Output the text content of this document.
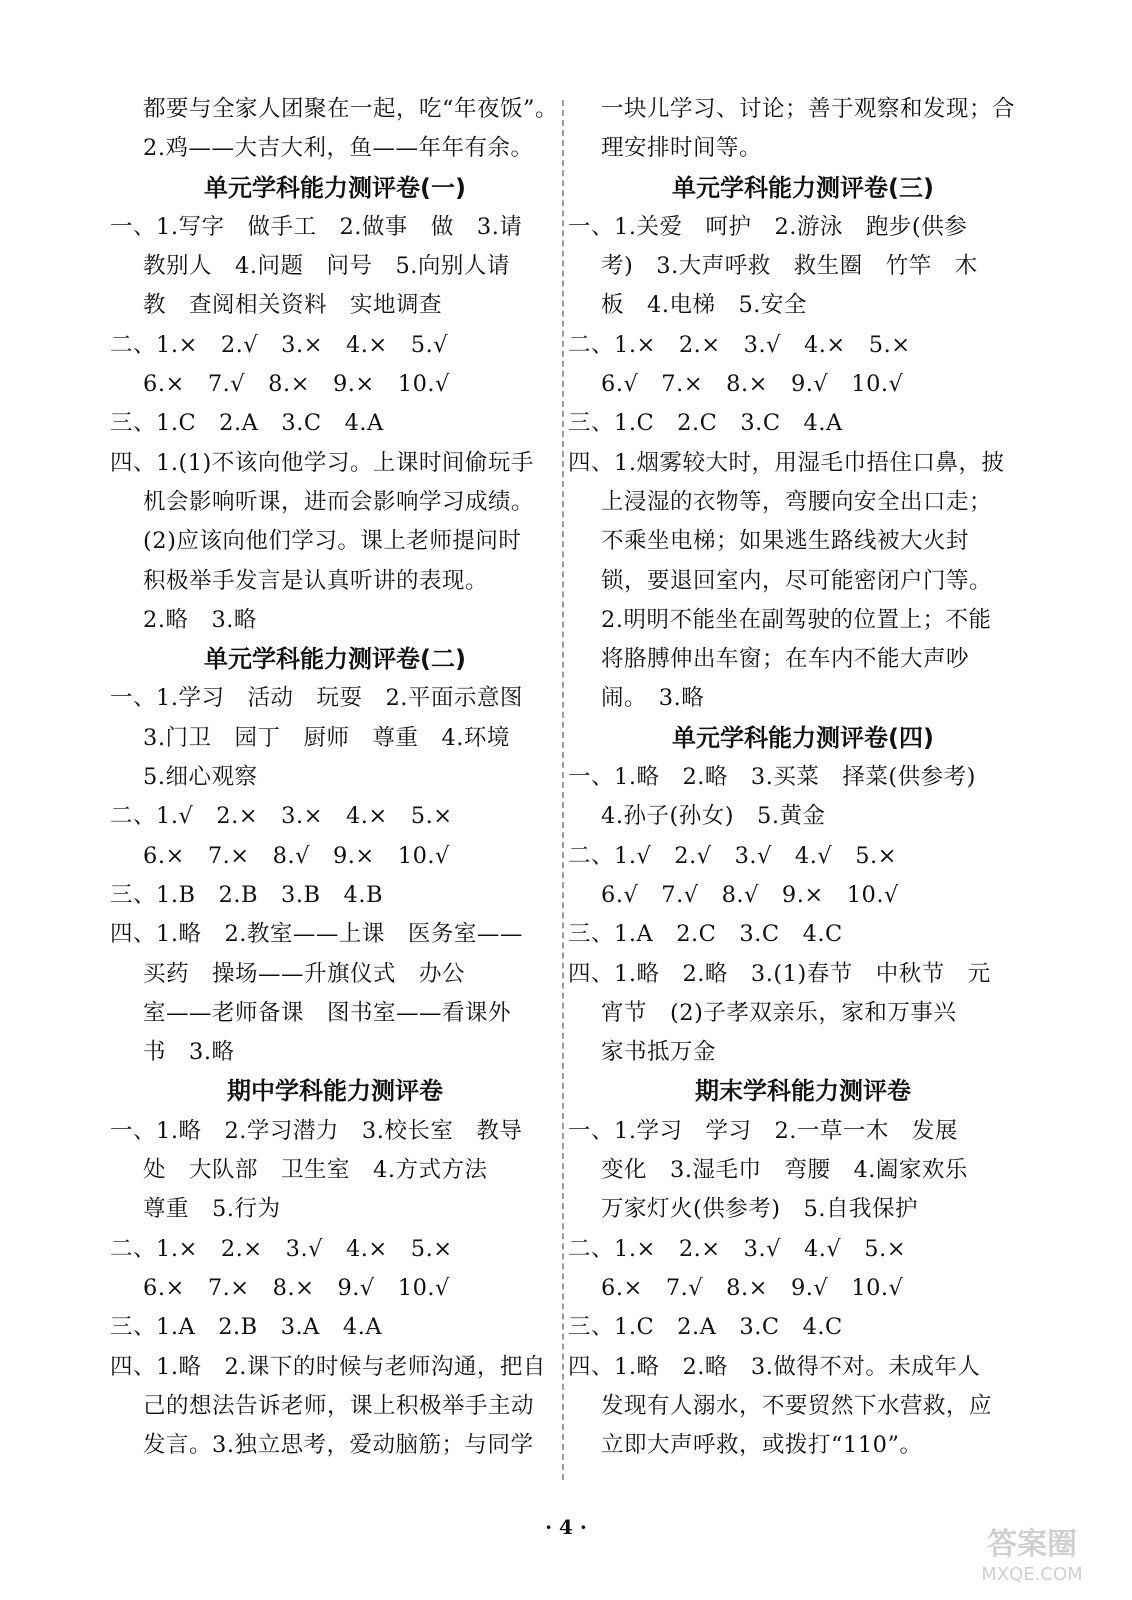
都要与全家人团聚在一起，吃“年夜饭”。
2.鸡——大吉大利，鱼——年年有余。
单元学科能力测评卷(一)
一、1.写字　做手工　2.做事　做　3.请
教别人　4.问题　问号　5.向别人请
教　查阅相关资料　实地调查
二、1.×　2.√　3.×　4.×　5.√
6.×　7.√　8.×　9.×　10.√
三、1.C　2.A　3.C　4.A
四、1.(1)不该向他学习。上课时间偷玩手
机会影响听课，进而会影响学习成绩。
(2)应该向他们学习。课上老师提问时
积极举手发言是认真听讲的表现。
2.略　3.略
单元学科能力测评卷(二)
一、1.学习　活动　玩耍　2.平面示意图
3.门卫　园丁　厨师　尊重　4.环境
5.细心观察
二、1.√　2.×　3.×　4.×　5.×
6.×　7.×　8.√　9.×　10.√
三、1.B　2.B　3.B　4.B
四、1.略　2.教室——上课　医务室——
买药　操场——升旗仪式　办公
室——老师备课　图书室——看课外
书　3.略
期中学科能力测评卷
一、1.略　2.学习潜力　3.校长室　教导
处　大队部　卫生室　4.方式方法
尊重　5.行为
二、1.×　2.×　3.√　4.×　5.×
6.×　7.×　8.×　9.√　10.√
三、1.A　2.B　3.A　4.A
四、1.略　2.课下的时候与老师沟通，把自
己的想法告诉老师，课上积极举手主动
发言。3.独立思考，爱动脑筋；与同学
一块儿学习、讨论；善于观察和发现；合
理安排时间等。
单元学科能力测评卷(三)
一、1.关爱　呵护　2.游泳　跑步(供参
考)　3.大声呼救　救生圈　竹竿　木
板　4.电梯　5.安全
二、1.×　2.×　3.√　4.×　5.×
6.√　7.×　8.×　9.√　10.√
三、1.C　2.C　3.C　4.A
四、1.烟雾较大时，用湿毛巾捂住口鼻，披
上浸湿的衣物等，弯腰向安全出口走；
不乘坐电梯；如果逃生路线被大火封
锁，要退回室内，尽可能密闭户门等。
2.明明不能坐在副驾驶的位置上；不能
将胳膊伸出车窗；在车内不能大声吵
闹。　3.略
单元学科能力测评卷(四)
一、1.略　2.略　3.买菜　择菜(供参考)
4.孙子(孙女)　5.黄金
二、1.√　2.√　3.√　4.√　5.×
6.√　7.√　8.√　9.×　10.√
三、1.A　2.C　3.C　4.C
四、1.略　2.略　3.(1)春节　中秋节　元
宵节　(2)子孝双亲乐，家和万事兴
家书抵万金
期末学科能力测评卷
一、1.学习　学习　2.一草一木　发展
变化　3.湿毛巾　弯腰　4.阖家欢乐
万家灯火(供参考)　5.自我保护
二、1.×　2.×　3.√　4.√　5.×
6.×　7.√　8.×　9.√　10.√
三、1.C　2.A　3.C　4.C
四、1.略　2.略　3.做得不对。未成年人
发现有人溺水，不要贸然下水营救，应
立即大声呼救，或拨打“110”。
· 4 ·	答案圈
MXQE.COM
